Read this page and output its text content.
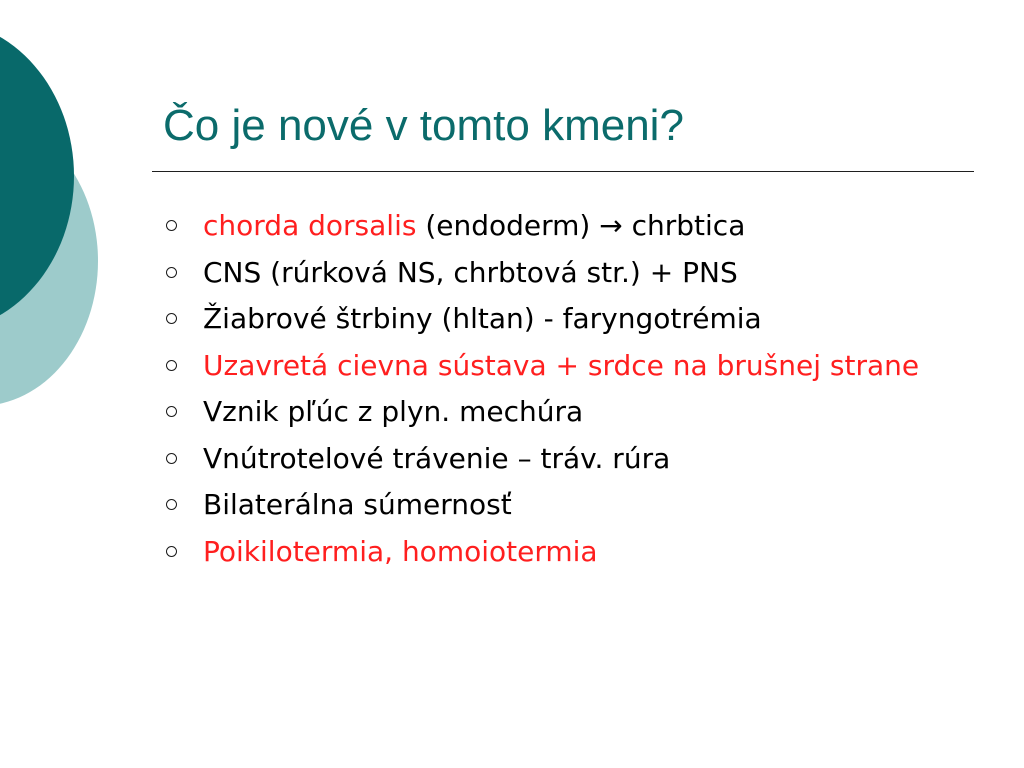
Čo je nové v tomto kmeni?
chorda dorsalis (endoderm) → chrbtica
CNS (rúrková NS, chrbtová str.) + PNS
Žiabrové štrbiny (hltan) - faryngotrémia
Uzavretá cievna sústava + srdce na brušnej strane
Vznik pľúc z plyn. mechúra
Vnútrotelové trávenie – tráv. rúra
Bilaterálna súmernosť
Poikilotermia, homoiotermia
